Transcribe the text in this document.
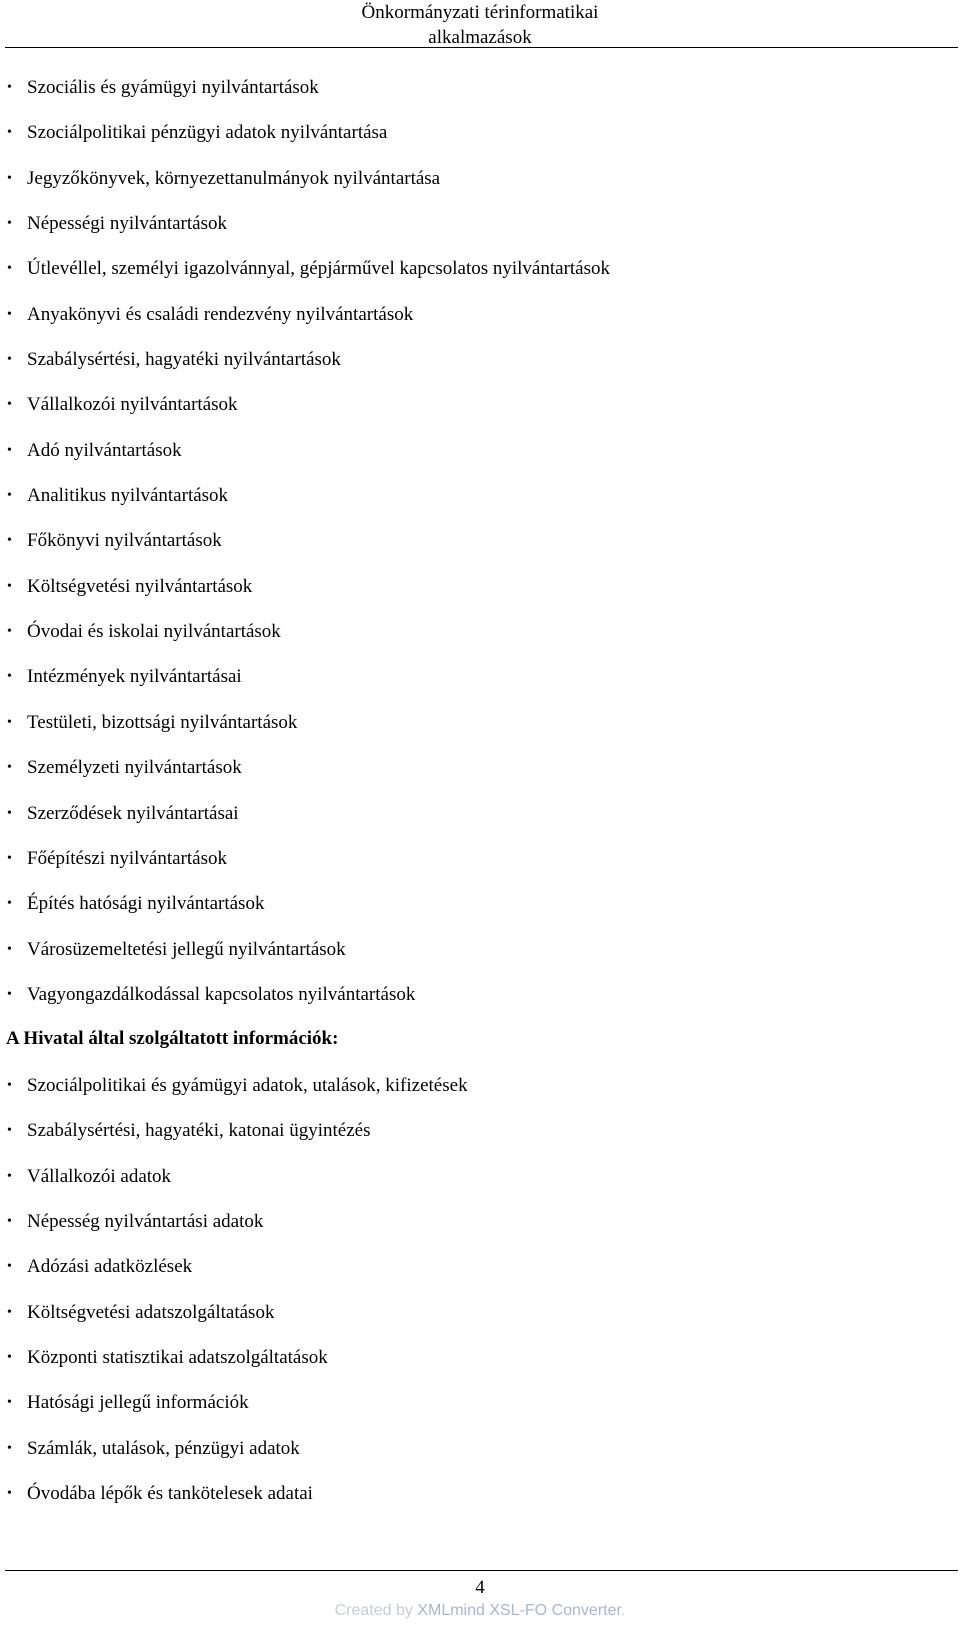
Önkormányzati térinformatikai
alkalmazások
• Szociális és gyámügyi nyilvántartások
• Szociálpolitikai pénzügyi adatok nyilvántartása
• Jegyzőkönyvek, környezettanulmányok nyilvántartása
• Népességi nyilvántartások
• Útlevéllel, személyi igazolvánnyal, gépjárművel kapcsolatos nyilvántartások
• Anyakönyvi és családi rendezvény nyilvántartások
• Szabálysértési, hagyatéki nyilvántartások
• Vállalkozói nyilvántartások
• Adó nyilvántartások
• Analitikus nyilvántartások
• Főkönyvi nyilvántartások
• Költségvetési nyilvántartások
• Óvodai és iskolai nyilvántartások
• Intézmények nyilvántartásai
• Testületi, bizottsági nyilvántartások
• Személyzeti nyilvántartások
• Szerződések nyilvántartásai
• Főépítészi nyilvántartások
• Építés hatósági nyilvántartások
• Városüzemeltetési jellegű nyilvántartások
• Vagyongazdálkodással kapcsolatos nyilvántartások
A Hivatal által szolgáltatott információk:
• Szociálpolitikai és gyámügyi adatok, utalások, kifizetések
• Szabálysértési, hagyatéki, katonai ügyintézés
• Vállalkozói adatok
• Népesség nyilvántartási adatok
• Adózási adatközlések
• Költségvetési adatszolgáltatások
• Központi statisztikai adatszolgáltatások
• Hatósági jellegű információk
• Számlák, utalások, pénzügyi adatok
• Óvodába lépők és tankötelesek adatai
4
Created by XMLmind XSL-FO Converter.
